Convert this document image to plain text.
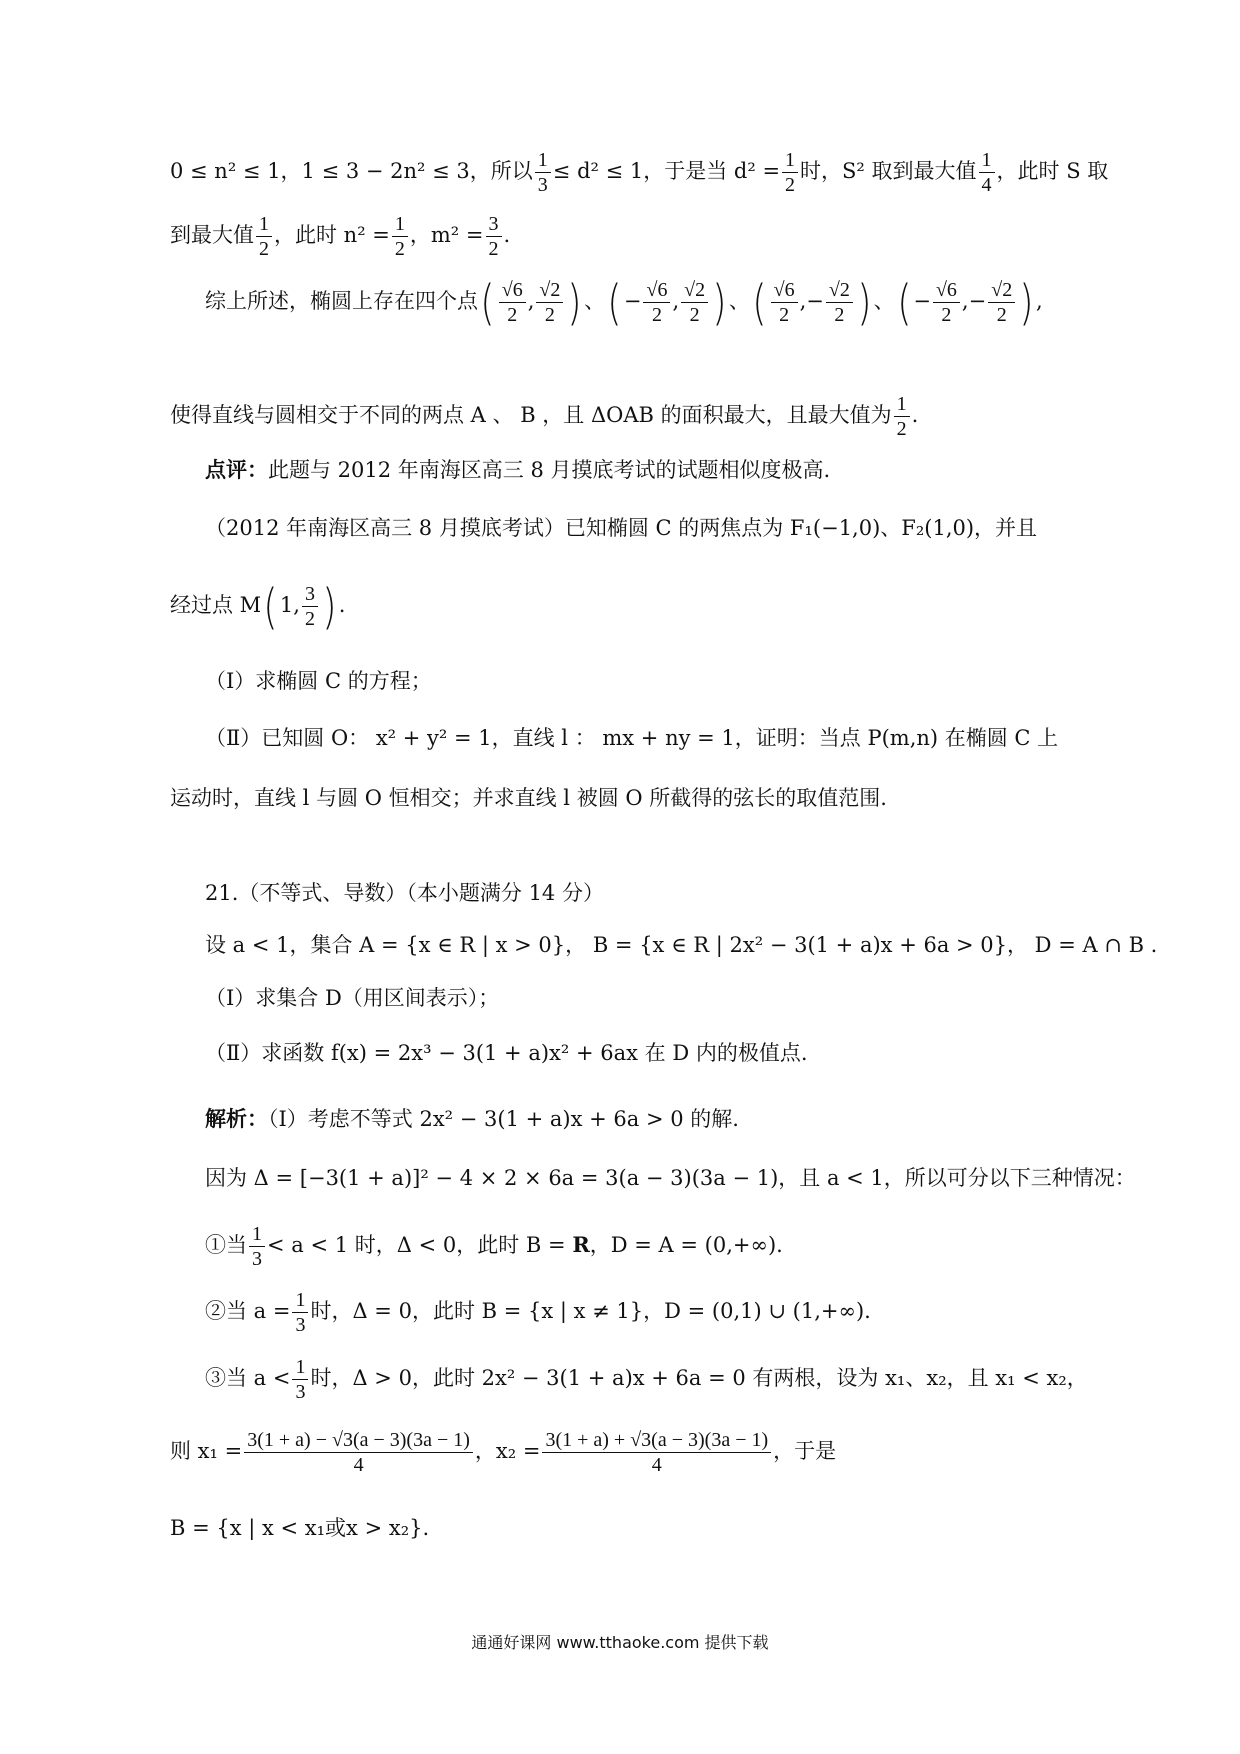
0 ≤ n² ≤ 1，1 ≤ 3 − 2n² ≤ 3，所以 $\frac{1}{3} \le d^2 \le 1$，于是当 $d^2 = \frac{1}{2}$ 时，S² 取到最大值 $\frac{1}{4}$ ，此时 S 取
到最大值 $\frac{1}{2}$ ，此时 $n^2 = \frac{1}{2}$ ，$m^2 = \frac{3}{2}$ .
综上所述，椭圆上存在四个点( $\frac{√6}{2}$ , $\frac{√2}{2}$ ) 、( − $\frac{√6}{2}$ , $\frac{√2}{2}$ ) 、( $\frac{√6}{2}$ ,− $\frac{√2}{2}$ ) 、( − $\frac{√6}{2}$ ,− $\frac{√2}{2}$ ) ,
使得直线与圆相交于不同的两点 A 、 B ，且 ΔOAB 的面积最大，且最大值为 $\frac{1}{2}$ .
点评：此题与 2012 年南海区高三 8 月摸底考试的试题相似度极高.
（2012 年南海区高三 8 月摸底考试）已知椭圆 C 的两焦点为 F₁(−1,0)、F₂(1,0)，并且
经过点 M( 1, $\frac{3}{2}$ ) .
（Ⅰ）求椭圆 C 的方程；
（Ⅱ）已知圆 O： x² + y² = 1，直线 l ： mx + ny = 1，证明：当点 P(m,n) 在椭圆 C 上
运动时，直线 l 与圆 O 恒相交；并求直线 l 被圆 O 所截得的弦长的取值范围.
21.（不等式、导数）（本小题满分 14 分）
设 a < 1，集合 A = {x ∈ R | x > 0}， B = {x ∈ R | 2x² − 3(1 + a)x + 6a > 0}， D = A ∩ B .
（Ⅰ）求集合 D（用区间表示）；
（Ⅱ）求函数 f(x) = 2x³ − 3(1 + a)x² + 6ax 在 D 内的极值点.
解析：（Ⅰ）考虑不等式 2x² − 3(1 + a)x + 6a > 0 的解.
因为 Δ = [−3(1 + a)]² − 4 × 2 × 6a = 3(a − 3)(3a − 1)，且 a < 1，所以可分以下三种情况：
①当 $\frac{1}{3} < a < 1$ 时，Δ < 0，此时 B = R，D = A = (0,+∞).
②当 $a = \frac{1}{3}$ 时，Δ = 0，此时 B = {x | x ≠ 1}，D = (0,1) ∪ (1,+∞).
③当 $a < \frac{1}{3}$ 时，Δ > 0，此时 2x² − 3(1 + a)x + 6a = 0 有两根，设为 x₁、x₂，且 x₁ < x₂，
则 $x_1 = \frac{3(1 + a) - √3(a - 3)(3a - 1)}{4}$ ，$x_2 = \frac{3(1 + a) + √3(a - 3)(3a - 1)}{4}$ ，于是
B = {x | x < x₁或x > x₂}.
通通好课网 www.tthaoke.com 提供下载
